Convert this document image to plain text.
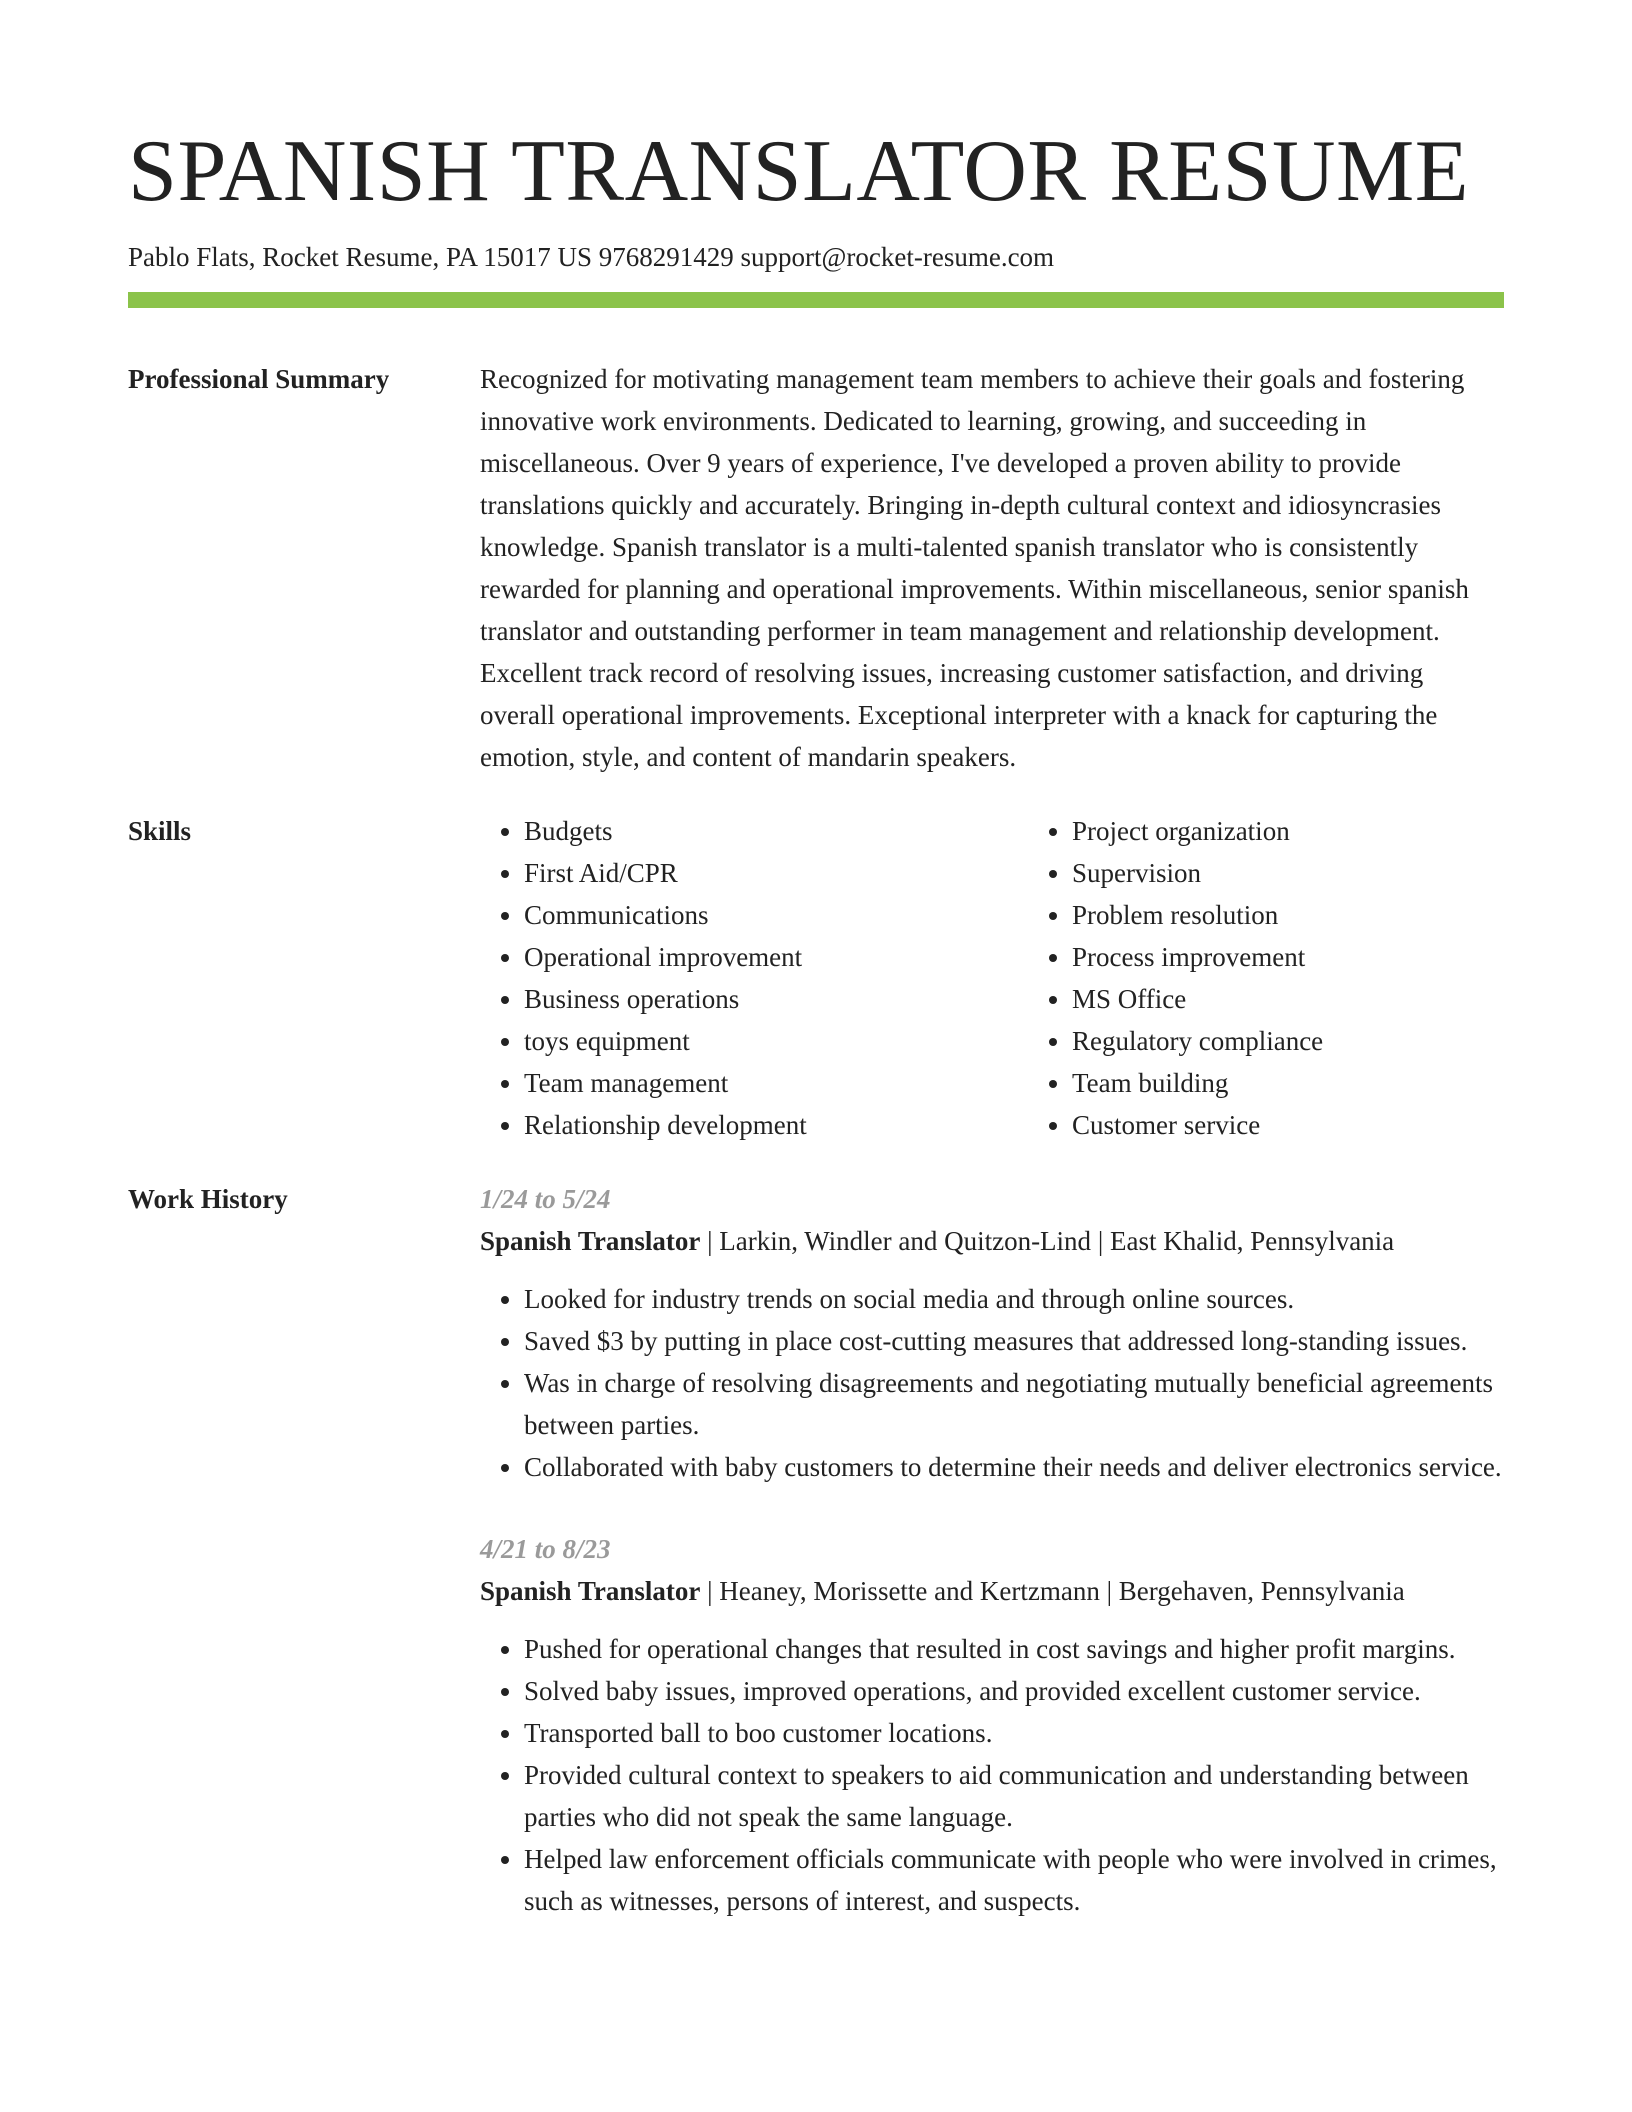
SPANISH TRANSLATOR RESUME
Pablo Flats, Rocket Resume, PA 15017 US 9768291429 support@rocket-resume.com
Professional Summary	Recognized for motivating management team members to achieve their goals and fostering innovative work environments. Dedicated to learning, growing, and succeeding in miscellaneous. Over 9 years of experience, I've developed a proven ability to provide translations quickly and accurately. Bringing in-depth cultural context and idiosyncrasies knowledge. Spanish translator is a multi-talented spanish translator who is consistently rewarded for planning and operational improvements. Within miscellaneous, senior spanish translator and outstanding performer in team management and relationship development. Excellent track record of resolving issues, increasing customer satisfaction, and driving overall operational improvements. Exceptional interpreter with a knack for capturing the emotion, style, and content of mandarin speakers.

Skills
•	Budgets
• First Aid/CPR
• Communications
• Operational improvement
• Business operations
• toys equipment
• Team management
• Relationship development
• Project organization
• Supervision
• Problem resolution
• Process improvement
• MS Office
• Regulatory compliance
• Team building
• Customer service
Work History	1/24 to 5/24
Spanish Translator | Larkin, Windler and Quitzon-Lind | East Khalid, Pennsylvania
• Looked for industry trends on social media and through online sources.
• Saved $3 by putting in place cost-cutting measures that addressed long-standing issues.
• Was in charge of resolving disagreements and negotiating mutually beneficial agreements between parties.
• Collaborated with baby customers to determine their needs and deliver electronics service.
4/21 to 8/23
Spanish Translator | Heaney, Morissette and Kertzmann | Bergehaven, Pennsylvania
• Pushed for operational changes that resulted in cost savings and higher profit margins.
• Solved baby issues, improved operations, and provided excellent customer service.
• Transported ball to boo customer locations.
• Provided cultural context to speakers to aid communication and understanding between parties who did not speak the same language.
• Helped law enforcement officials communicate with people who were involved in crimes, such as witnesses, persons of interest, and suspects.
